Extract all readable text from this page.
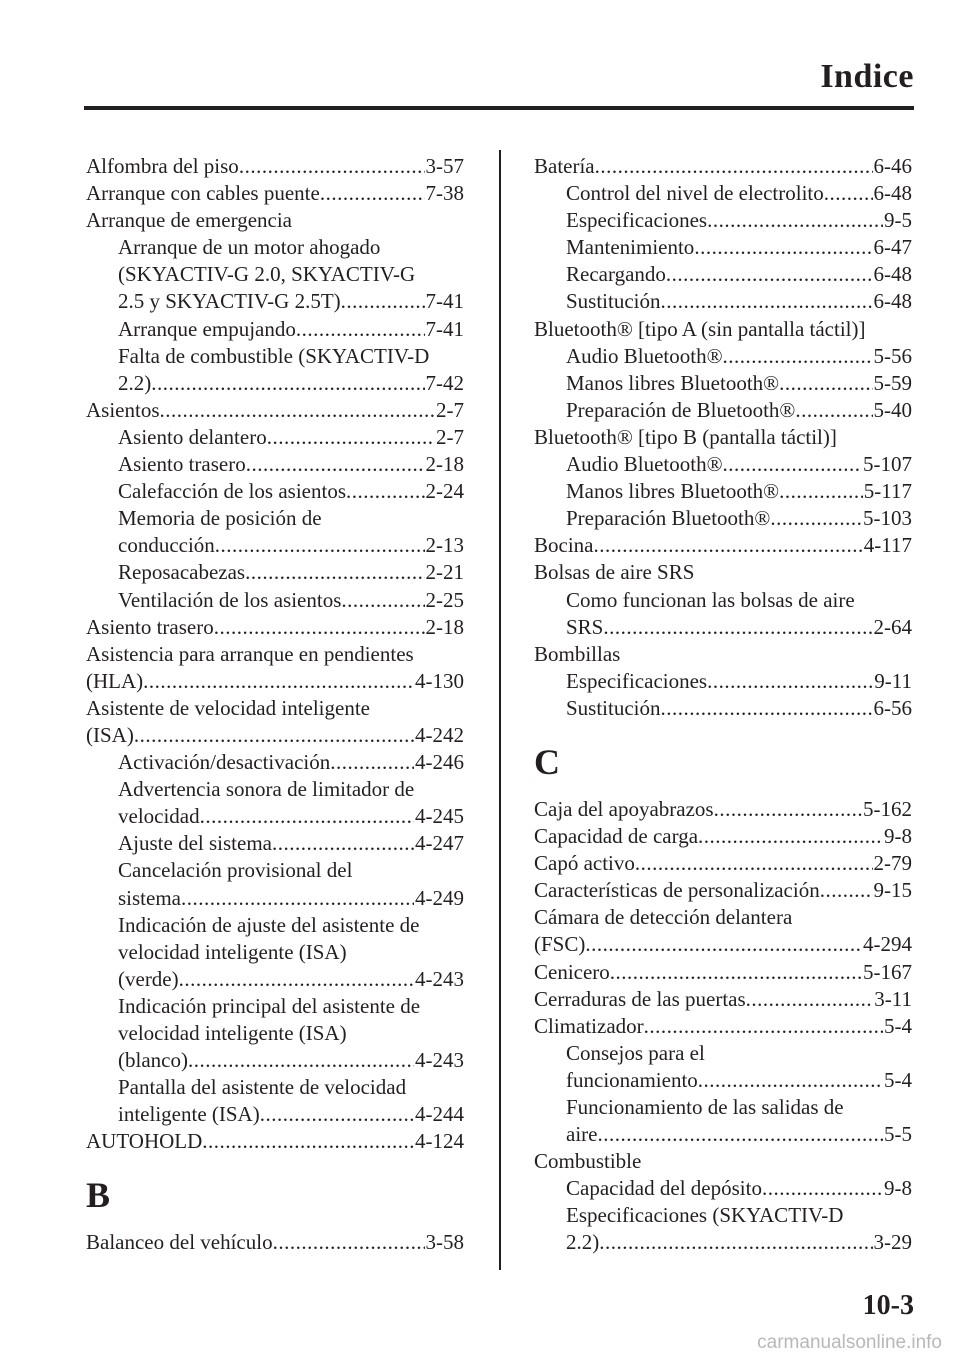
Indice
Alfombra del piso .....	3-57
Arranque con cables puente .....	7-38
Arranque de emergencia
Arranque de un motor ahogado
(SKYACTIV-G 2.0, SKYACTIV-G
2.5 y SKYACTIV-G 2.5T) .....	7-41
Arranque empujando .....	7-41
Falta de combustible (SKYACTIV-D
2.2) .....	7-42
Asientos .....	2-7
Asiento delantero .....	2-7
Asiento trasero .....	2-18
Calefacción de los asientos .....	2-24
Memoria de posición de
conducción .....	2-13
Reposacabezas .....	2-21
Ventilación de los asientos .....	2-25
Asiento trasero .....	2-18
Asistencia para arranque en pendientes
(HLA) .....	4-130
Asistente de velocidad inteligente
(ISA) .....	4-242
Activación/desactivación .....	4-246
Advertencia sonora de limitador de
velocidad .....	4-245
Ajuste del sistema .....	4-247
Cancelación provisional del
sistema .....	4-249
Indicación de ajuste del asistente de
velocidad inteligente (ISA)
(verde) .....	4-243
Indicación principal del asistente de
velocidad inteligente (ISA)
(blanco) .....	4-243
Pantalla del asistente de velocidad
inteligente (ISA) .....	4-244
AUTOHOLD .....	4-124
B
Balanceo del vehículo .....	3-58
Batería .....	6-46
Control del nivel de electrolito ..... 6-48
Especificaciones .....	9-5
Mantenimiento .....	6-47
Recargando .....	6-48
Sustitución .....	6-48
Bluetooth® [tipo A (sin pantalla táctil)]
Audio Bluetooth® .....	5-56
Manos libres Bluetooth® .....	5-59
Preparación de Bluetooth® .....	5-40
Bluetooth® [tipo B (pantalla táctil)]
Audio Bluetooth® .....	5-107
Manos libres Bluetooth® .....	5-117
Preparación Bluetooth® .....	5-103
Bocina .....	4-117
Bolsas de aire SRS
Como funcionan las bolsas de aire
SRS .....	2-64
Bombillas
Especificaciones .....	9-11
Sustitución .....	6-56
C
Caja del apoyabrazos .....	5-162
Capacidad de carga .....	9-8
Capó activo .....	2-79
Características de personalización .....	9-15
Cámara de detección delantera
(FSC) .....	4-294
Cenicero .....	5-167
Cerraduras de las puertas .....	3-11
Climatizador .....	5-4
Consejos para el
funcionamiento .....	5-4
Funcionamiento de las salidas de
aire .....	5-5
Combustible
Capacidad del depósito .....	9-8
Especificaciones (SKYACTIV-D
2.2) .....	3-29
10-3
carmanualsonline.info
